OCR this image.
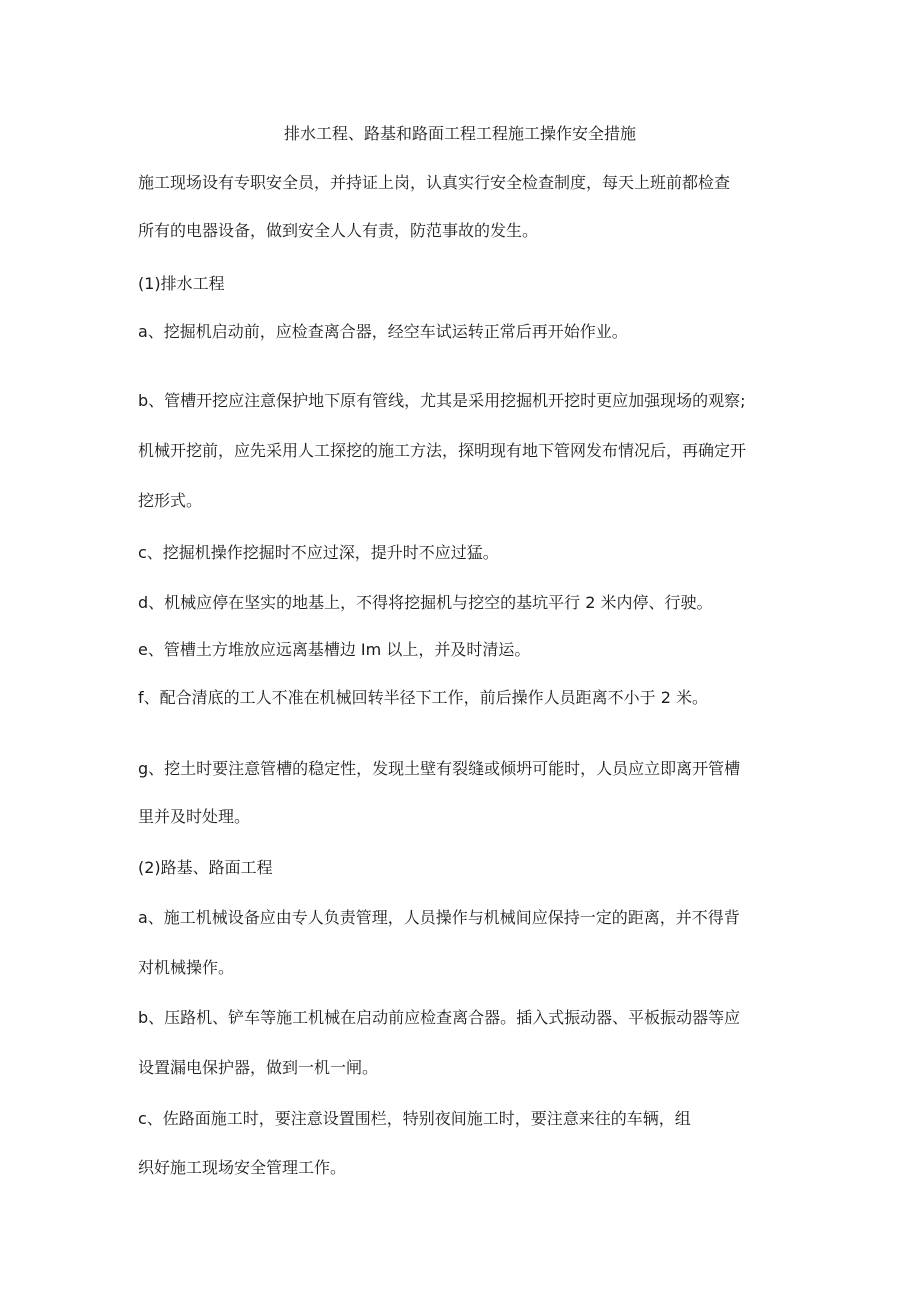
排水工程、路基和路面工程工程施工操作安全措施
施工现场设有专职安全员，并持证上岗，认真实行安全检查制度，每天上班前都检查
所有的电器设备，做到安全人人有责，防范事故的发生。
(1)排水工程
a、挖掘机启动前，应检查离合器，经空车试运转正常后再开始作业。
b、管槽开挖应注意保护地下原有管线，尤其是采用挖掘机开挖时更应加强现场的观察;
机械开挖前，应先采用人工探挖的施工方法，探明现有地下管网发布情况后，再确定开
挖形式。
c、挖掘机操作挖掘时不应过深，提升时不应过猛。
d、机械应停在坚实的地基上，不得将挖掘机与挖空的基坑平行 2 米内停、行驶。
e、管槽土方堆放应远离基槽边 Im 以上，并及时清运。
f、配合清底的工人不准在机械回转半径下工作，前后操作人员距离不小于 2 米。
g、挖土时要注意管槽的稳定性，发现土壁有裂缝或倾坍可能时，人员应立即离开管槽
里并及时处理。
(2)路基、路面工程
a、施工机械设备应由专人负责管理，人员操作与机械间应保持一定的距离，并不得背
对机械操作。
b、压路机、铲车等施工机械在启动前应检查离合器。插入式振动器、平板振动器等应
设置漏电保护器，做到一机一闸。
c、佐路面施工时，要注意设置围栏，特别夜间施工时，要注意来往的车辆，组
织好施工现场安全管理工作。
